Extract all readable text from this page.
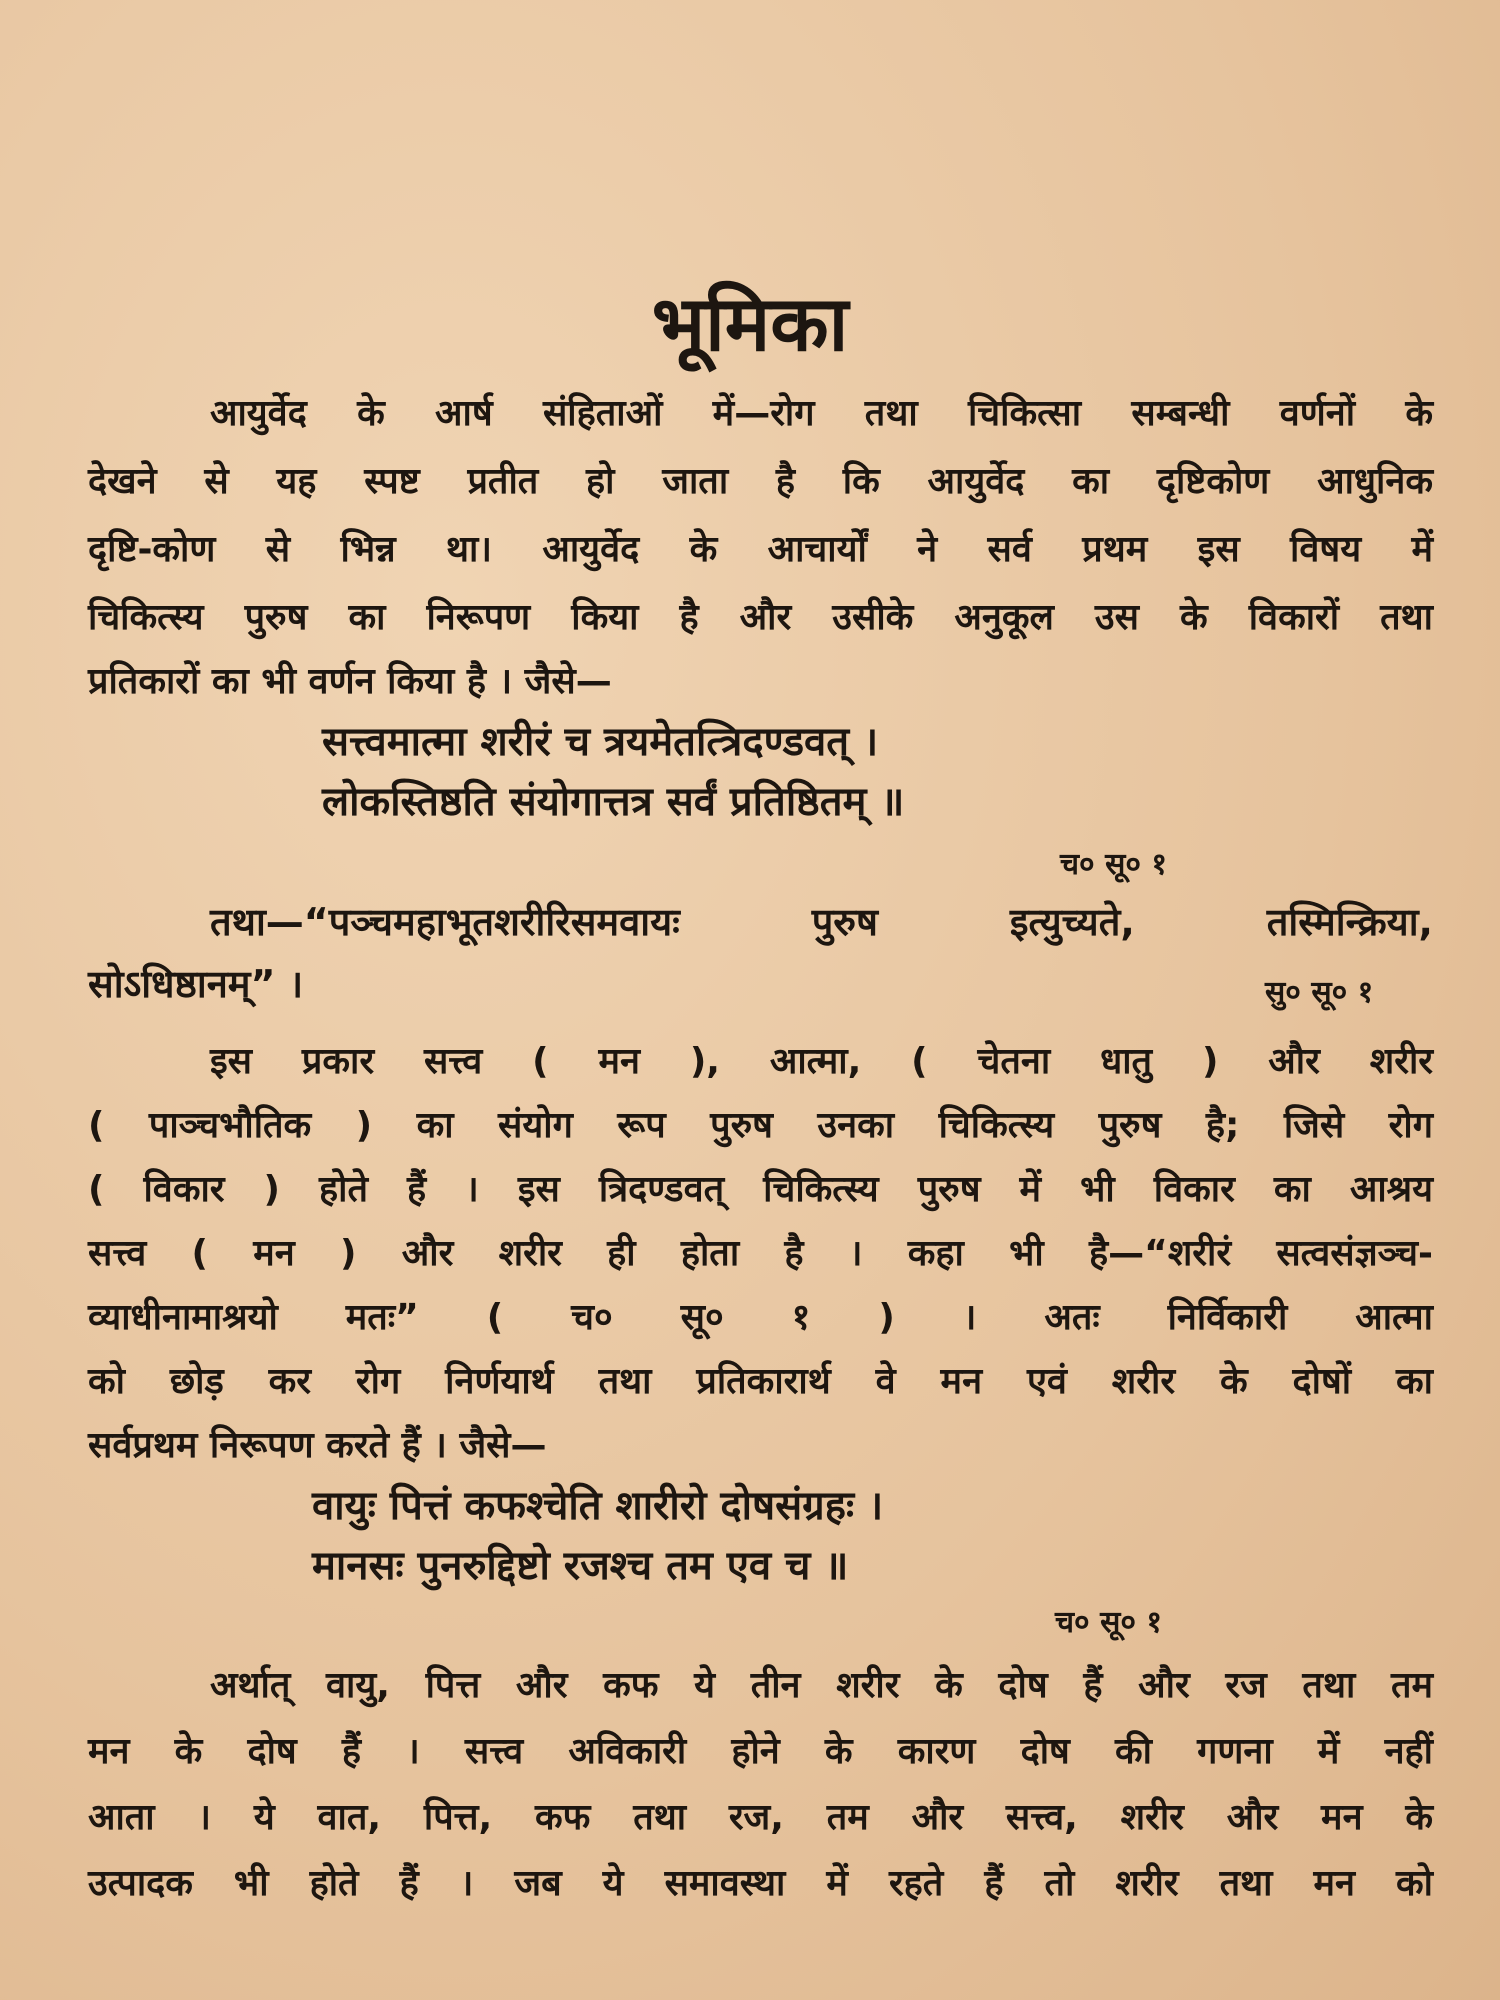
भूमिका
आयुर्वेद के आर्ष संहिताओं में—रोग तथा चिकित्सा सम्बन्धी वर्णनों के
देखने से यह स्पष्ट प्रतीत हो जाता है कि आयुर्वेद का दृष्टिकोण आधुनिक
दृष्टि-कोण से भिन्न था। आयुर्वेद के आचार्यों ने सर्व प्रथम इस विषय में
चिकित्स्य पुरुष का निरूपण किया है और उसीके अनुकूल उस के विकारों तथा
प्रतिकारों का भी वर्णन किया है । जैसे—
सत्त्वमात्मा शरीरं च त्रयमेतत्त्रिदण्डवत् ।
लोकस्तिष्ठति संयोगात्तत्र सर्वं प्रतिष्ठितम् ॥
च० सू० १
तथा—“पञ्चमहाभूतशरीरिसमवायः पुरुष इत्युच्यते, तस्मिन्क्रिया,
सोऽधिष्ठानम्” ।	सु० सू० १
इस प्रकार सत्त्व ( मन ), आत्मा, ( चेतना धातु ) और शरीर
( पाञ्चभौतिक ) का संयोग रूप पुरुष उनका चिकित्स्य पुरुष है; जिसे रोग
( विकार ) होते हैं । इस त्रिदण्डवत् चिकित्स्य पुरुष में भी विकार का आश्रय
सत्त्व ( मन ) और शरीर ही होता है । कहा भी है—“शरीरं सत्वसंज्ञञ्च-
व्याधीनामाश्रयो मतः” ( च० सू० १ ) । अतः निर्विकारी आत्मा
को छोड़ कर रोग निर्णयार्थ तथा प्रतिकारार्थ वे मन एवं शरीर के दोषों का
सर्वप्रथम निरूपण करते हैं । जैसे—
वायुः पित्तं कफश्चेति शारीरो दोषसंग्रहः ।
मानसः पुनरुद्दिष्टो रजश्च तम एव च ॥
च० सू० १
अर्थात् वायु, पित्त और कफ ये तीन शरीर के दोष हैं और रज तथा तम
मन के दोष हैं । सत्त्व अविकारी होने के कारण दोष की गणना में नहीं
आता । ये वात, पित्त, कफ तथा रज, तम और सत्त्व, शरीर और मन के
उत्पादक भी होते हैं । जब ये समावस्था में रहते हैं तो शरीर तथा मन को
